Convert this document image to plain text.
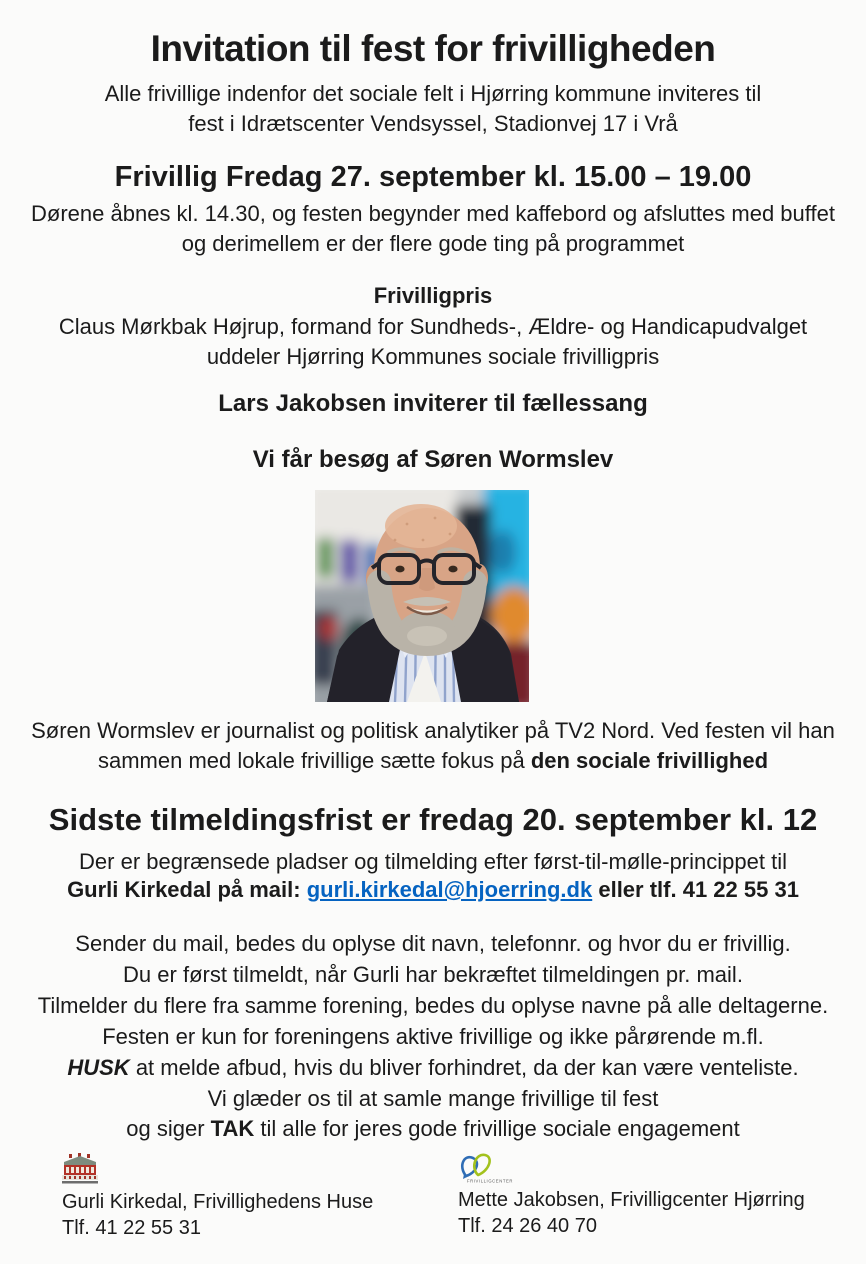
Invitation til fest for frivilligheden
Alle frivillige indenfor det sociale felt i Hjørring kommune inviteres til
fest i Idrætscenter Vendsyssel, Stadionvej 17 i Vrå
Frivillig Fredag 27. september kl. 15.00 – 19.00
Dørene åbnes kl. 14.30, og festen begynder med kaffebord og afsluttes med buffet
og derimellem er der flere gode ting på programmet
Frivilligpris
Claus Mørkbak Højrup, formand for Sundheds-, Ældre- og Handicapudvalget
uddeler Hjørring Kommunes sociale frivilligpris
Lars Jakobsen inviterer til fællessang
Vi får besøg af Søren Wormslev
Søren Wormslev er journalist og politisk analytiker på TV2 Nord. Ved festen vil han
sammen med lokale frivillige sætte fokus på den sociale frivillighed
Sidste tilmeldingsfrist er fredag 20. september kl. 12
Der er begrænsede pladser og tilmelding efter først-til-mølle-princippet til
Gurli Kirkedal på mail: gurli.kirkedal@hjoerring.dk eller tlf. 41 22 55 31
Sender du mail, bedes du oplyse dit navn, telefonnr. og hvor du er frivillig.
Du er først tilmeldt, når Gurli har bekræftet tilmeldingen pr. mail.
Tilmelder du flere fra samme forening, bedes du oplyse navne på alle deltagerne.
Festen er kun for foreningens aktive frivillige og ikke pårørende m.fl.
HUSK at melde afbud, hvis du bliver forhindret, da der kan være venteliste.
Vi glæder os til at samle mange frivillige til fest
og siger TAK til alle for jeres gode frivillige sociale engagement
Gurli Kirkedal, Frivillighedens Huse
Tlf. 41 22 55 31
FRIVILLIGCENTER
Mette Jakobsen, Frivilligcenter Hjørring
Tlf. 24 26 40 70
